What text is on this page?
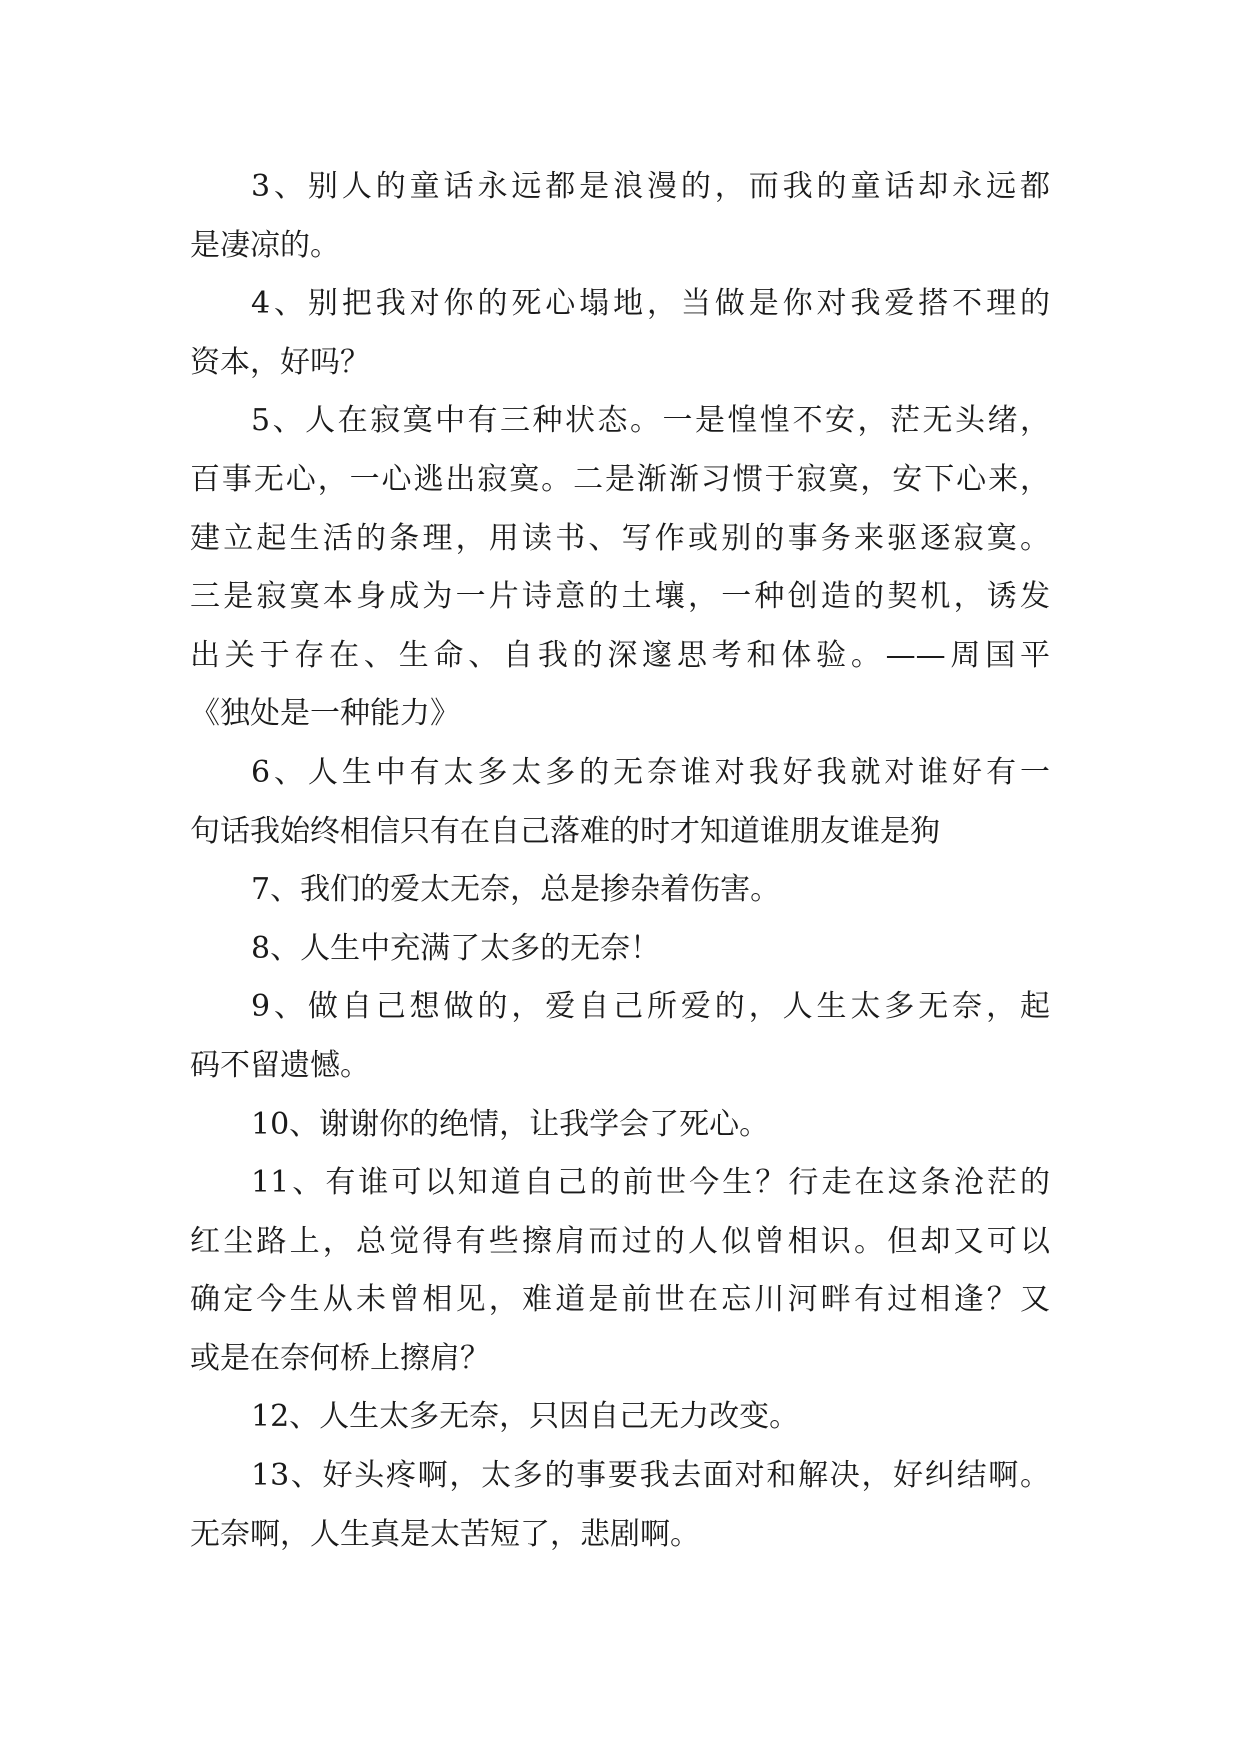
3、别人的童话永远都是浪漫的，而我的童话却永远都
是凄凉的。
4、别把我对你的死心塌地，当做是你对我爱搭不理的
资本，好吗？
5、人在寂寞中有三种状态。一是惶惶不安，茫无头绪，
百事无心，一心逃出寂寞。二是渐渐习惯于寂寞，安下心来，
建立起生活的条理，用读书、写作或别的事务来驱逐寂寞。
三是寂寞本身成为一片诗意的土壤，一种创造的契机，诱发
出关于存在、生命、自我的深邃思考和体验。——周国平
《独处是一种能力》
6、人生中有太多太多的无奈谁对我好我就对谁好有一
句话我始终相信只有在自己落难的时才知道谁朋友谁是狗
7、我们的爱太无奈，总是掺杂着伤害。
8、人生中充满了太多的无奈！
9、做自己想做的，爱自己所爱的，人生太多无奈，起
码不留遗憾。
10、谢谢你的绝情，让我学会了死心。
11、有谁可以知道自己的前世今生？行走在这条沧茫的
红尘路上，总觉得有些擦肩而过的人似曾相识。但却又可以
确定今生从未曾相见，难道是前世在忘川河畔有过相逢？又
或是在奈何桥上擦肩？
12、人生太多无奈，只因自己无力改变。
13、好头疼啊，太多的事要我去面对和解决，好纠结啊。
无奈啊，人生真是太苦短了，悲剧啊。
